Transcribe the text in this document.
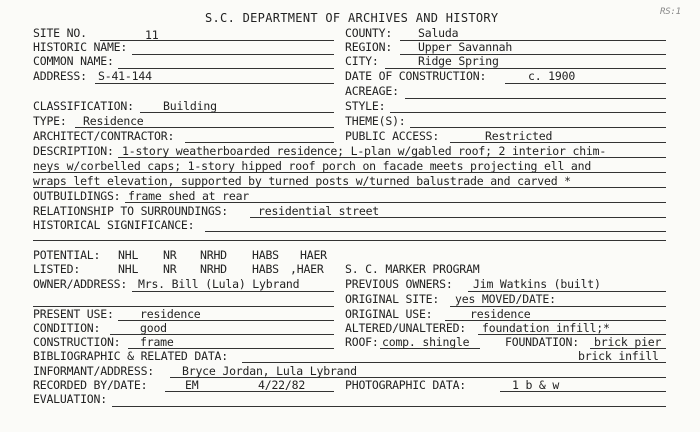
S.C. DEPARTMENT OF ARCHIVES AND HISTORY	RS:1
SITE NO.	11	COUNTY: Saluda
HISTORIC NAME:	REGION: Upper Savannah
COMMON NAME:	CITY:	Ridge Spring
ADDRESS: S-41-144	DATE OF CONSTRUCTION:	c. 1900
ACREAGE:
CLASSIFICATION:	Building	STYLE:
TYPE: Residence	THEME(S):
ARCHITECT/CONTRACTOR:	PUBLIC ACCESS:	Restricted
DESCRIPTION: 1-story weatherboarded residence; L-plan w/gabled roof; 2 interior chim-
neys w/corbelled caps; 1-story hipped roof porch on facade meets projecting ell and
wraps left elevation, supported by turned posts w/turned balustrade and carved *
OUTBUILDINGS: frame shed at rear
RELATIONSHIP TO SURROUNDINGS:	residential street
HISTORICAL SIGNIFICANCE:
POTENTIAL: NHL NR NRHD HABS HAER
LISTED:	NHL NR NRHD HABS ,HAER S. C. MARKER PROGRAM
OWNER/ADDRESS: Mrs. Bill (Lula) Lybrand	PREVIOUS OWNERS: Jim Watkins (built)
ORIGINAL SITE: yes MOVED/DATE:
PRESENT USE: residence	ORIGINAL USE:	residence
CONDITION:	good	ALTERED/UNALTERED: foundation infill;*
CONSTRUCTION: frame	ROOF: comp. shingle	FOUNDATION: brick pier
BIBLIOGRAPHIC & RELATED DATA:	brick infill
INFORMANT/ADDRESS: Bryce Jordan, Lula Lybrand
RECORDED BY/DATE:	EM	4/22/82	PHOTOGRAPHIC DATA:	1 b & w
EVALUATION:
